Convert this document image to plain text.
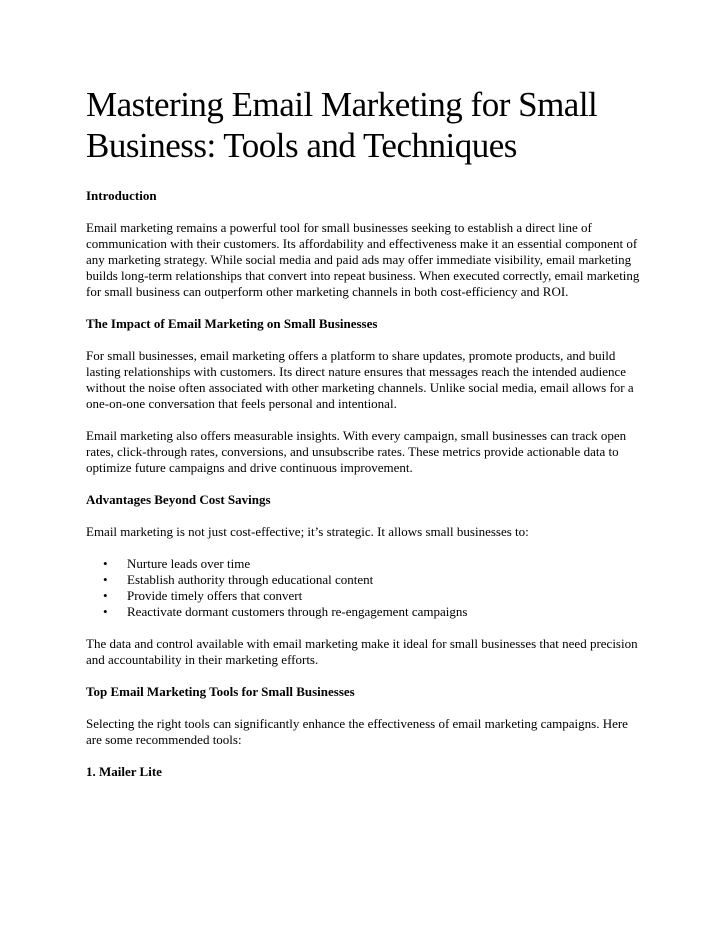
Mastering Email Marketing for Small Business: Tools and Techniques
Introduction

Email marketing remains a powerful tool for small businesses seeking to establish a direct line of communication with their customers. Its affordability and effectiveness make it an essential component of any marketing strategy. While social media and paid ads may offer immediate visibility, email marketing builds long-term relationships that convert into repeat business. When executed correctly, email marketing for small business can outperform other marketing channels in both cost-efficiency and ROI.

The Impact of Email Marketing on Small Businesses

For small businesses, email marketing offers a platform to share updates, promote products, and build lasting relationships with customers. Its direct nature ensures that messages reach the intended audience without the noise often associated with other marketing channels. Unlike social media, email allows for a one-on-one conversation that feels personal and intentional.

Email marketing also offers measurable insights. With every campaign, small businesses can track open rates, click-through rates, conversions, and unsubscribe rates. These metrics provide actionable data to optimize future campaigns and drive continuous improvement.

Advantages Beyond Cost Savings

Email marketing is not just cost-effective; it’s strategic. It allows small businesses to:

• Nurture leads over time
• Establish authority through educational content
• Provide timely offers that convert
• Reactivate dormant customers through re-engagement campaigns

The data and control available with email marketing make it ideal for small businesses that need precision and accountability in their marketing efforts.

Top Email Marketing Tools for Small Businesses

Selecting the right tools can significantly enhance the effectiveness of email marketing campaigns. Here are some recommended tools:

1. Mailer Lite
